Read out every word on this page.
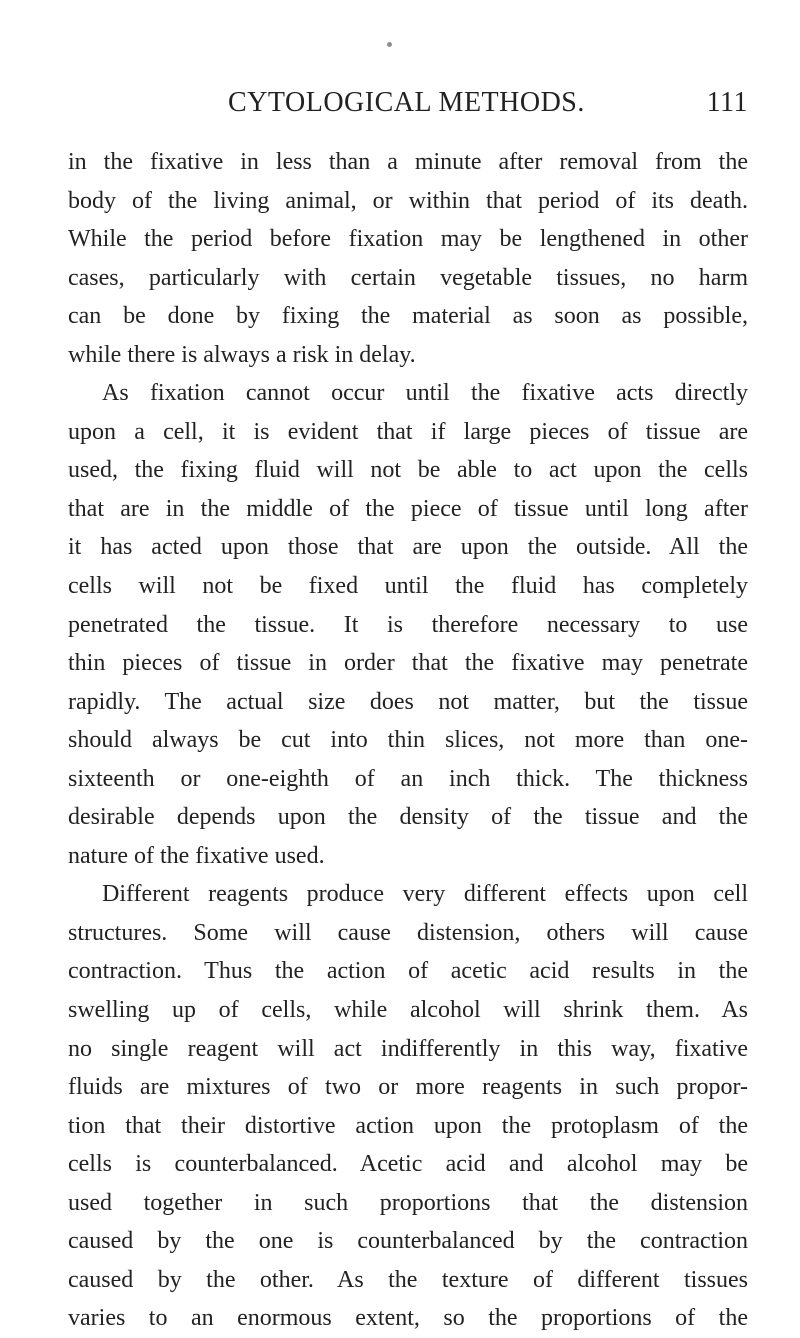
CYTOLOGICAL METHODS.	111
in the fixative in less than a minute after removal from the
body of the living animal, or within that period of its death.
While the period before fixation may be lengthened in other
cases, particularly with certain vegetable tissues, no harm
can be done by fixing the material as soon as possible,
while there is always a risk in delay.
As fixation cannot occur until the fixative acts directly
upon a cell, it is evident that if large pieces of tissue are
used, the fixing fluid will not be able to act upon the cells
that are in the middle of the piece of tissue until long after
it has acted upon those that are upon the outside. All the
cells will not be fixed until the fluid has completely
penetrated the tissue. It is therefore necessary to use
thin pieces of tissue in order that the fixative may penetrate
rapidly. The actual size does not matter, but the tissue
should always be cut into thin slices, not more than one-
sixteenth or one-eighth of an inch thick. The thickness
desirable depends upon the density of the tissue and the
nature of the fixative used.
Different reagents produce very different effects upon cell
structures. Some will cause distension, others will cause
contraction. Thus the action of acetic acid results in the
swelling up of cells, while alcohol will shrink them. As
no single reagent will act indifferently in this way, fixative
fluids are mixtures of two or more reagents in such propor-
tion that their distortive action upon the protoplasm of the
cells is counterbalanced. Acetic acid and alcohol may be
used together in such proportions that the distension
caused by the one is counterbalanced by the contraction
caused by the other. As the texture of different tissues
varies to an enormous extent, so the proportions of the
